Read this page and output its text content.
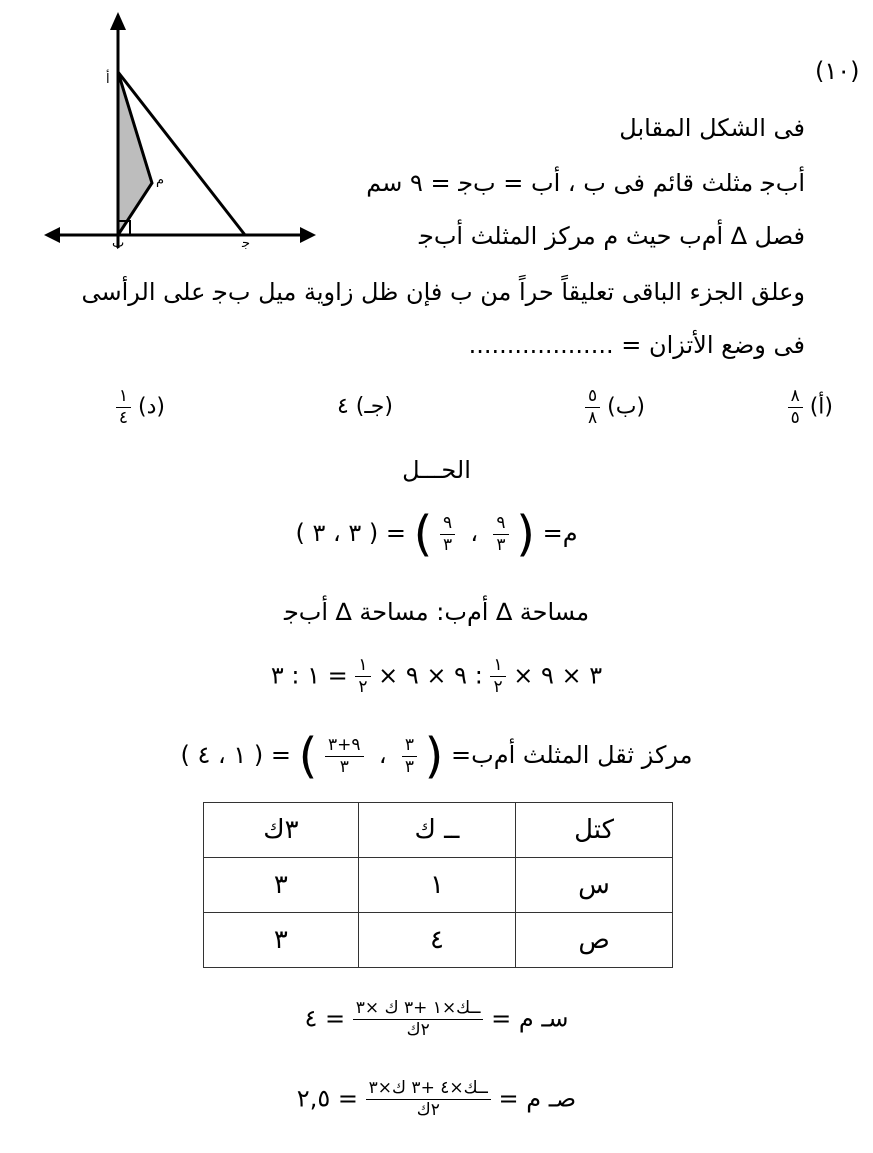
ﺃ
ﻡ
ﺏ	ﺟ
(١٠)
فى الشكل المقابل
ﺃﺏﺟ مثلث قائم فى ﺏ ، ﺃﺏ = ﺏﺟ = ٩ سم
فصل ∆ ﺃﻡﺏ حيث ﻡ مركز المثلث ﺃﺏﺟ
وعلق الجزء الباقى تعليقاً حراً من ﺏ فإن ظل زاوية ميل ﺏﺟ على الرأسى
فى وضع الأتزان = ...................
(أ)
$\frac{٨}{٥}$
(ب)
$\frac{٥}{٨}$
(جـ) ٤
(د)
$\frac{١}{٤}$
الحـــل
ﻡ= (
$\frac{٩}{٣}$
،
$\frac{٩}{٣}$
) = ( ٣ ، ٣ )
مساحة ∆ ﺃﻡﺏ: مساحة ∆ ﺃﺏﺟ
٣ × ٩ ×
$\frac{١}{٢}$
: ٩ × ٩ ×
$\frac{١}{٢}$
= ١ : ٣
مركز ثقل المثلث ﺃﻡﺏ= (
$\frac{٣}{٣}$
،
$\frac{٩+٣}{٣}$
) = ( ١ ، ٤ )
٣ك	ــ ك	كتل
٣	١	س
٣	٤	ص
سـ ﻡ =
$\frac{\text{ــك×١ +٣ ك ×٣}}{\text{٢ك}}$
= ٤
صـ ﻡ =
$\frac{\text{ــك×٤ +٣ ك×٣}}{\text{٢ك}}$
= ٢,٥
